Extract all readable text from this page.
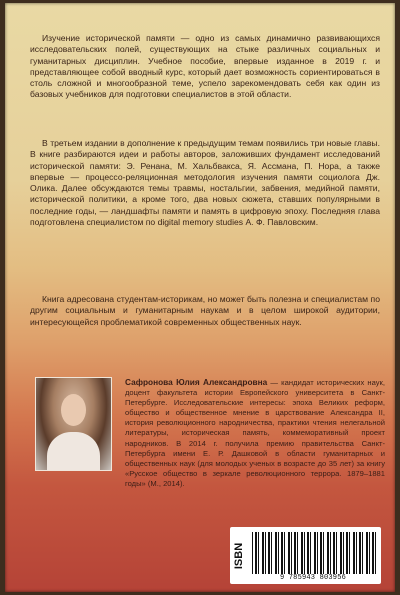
Изучение исторической памяти — одно из самых динамично развивающихся исследовательских полей, существующих на стыке различных социальных и гуманитарных дисциплин. Учебное пособие, впервые изданное в 2019 г. и представляющее собой вводный курс, который дает возможность сориентироваться в столь сложной и многообразной теме, успело зарекомендовать себя как один из базовых учебников для подготовки специалистов в этой области.

В третьем издании в дополнение к предыдущим темам появились три новые главы. В книге разбираются идеи и работы авторов, заложивших фундамент исследований исторической памяти: Э. Ренана, М. Хальбвакса, Я. Ассмана, П. Нора, а также впервые — процессо-реляционная методология изучения памяти социолога Дж. Олика. Далее обсуждаются темы травмы, ностальгии, забвения, медийной памяти, исторической политики, а кроме того, два новых сюжета, ставших популярными в последние годы, — ландшафты памяти и память в цифровую эпоху. Последняя глава подготовлена специалистом по digital memory studies А. Ф. Павловским.

Книга адресована студентам-историкам, но может быть полезна и специалистам по другим социальным и гуманитарным наукам и в целом широкой аудитории, интересующейся проблематикой современных общественных наук.

Сафронова Юлия Александровна — кандидат исторических наук, доцент факультета истории Европейского университета в Санкт-Петербурге. Исследовательские интересы: эпоха Великих реформ, общество и общественное мнение в царствование Александра II, история революционного народничества, практики чтения нелегальной литературы, историческая память, коммеморативный проект народников. В 2014 г. получила премию правительства Санкт-Петербурга имени Е. Р. Дашковой в области гуманитарных и общественных наук (для молодых ученых в возрасте до 35 лет) за книгу «Русское общество в зеркале революционного террора. 1879–1881 годы» (М., 2014).

ISBN

9 785943 803956
